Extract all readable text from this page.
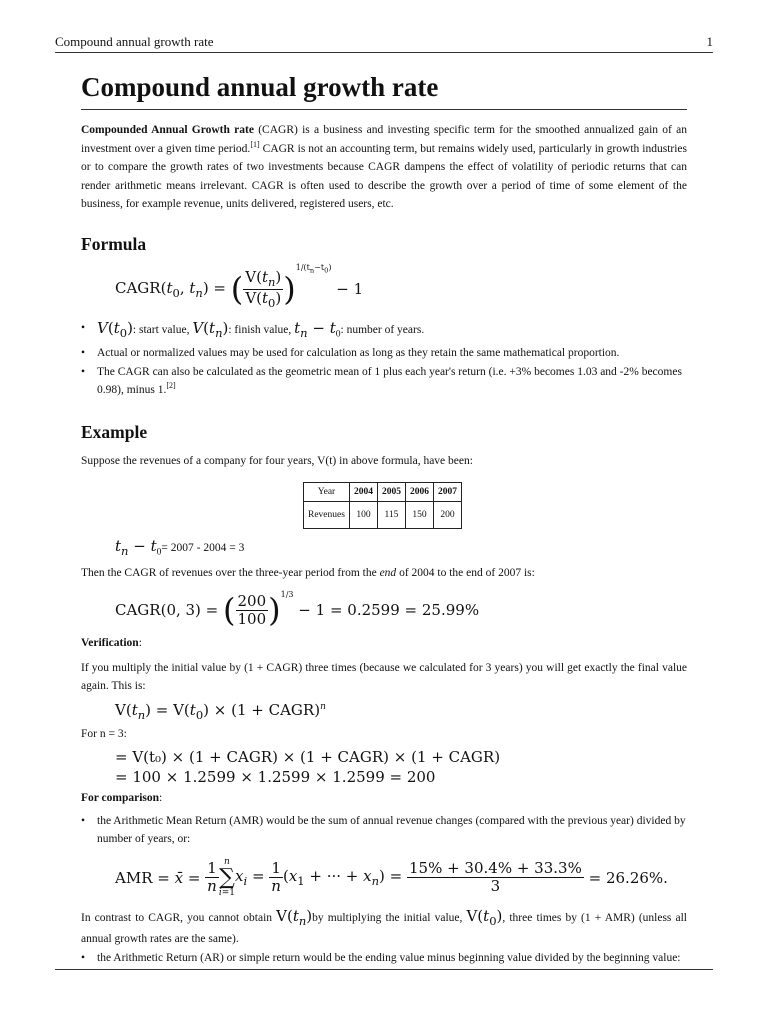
Compound annual growth rate	1
Compound annual growth rate

Compounded Annual Growth rate (CAGR) is a business and investing specific term for the smoothed annualized gain of an investment over a given time period.[1] CAGR is not an accounting term, but remains widely used, particularly in growth industries or to compare the growth rates of two investments because CAGR dampens the effect of volatility of periodic returns that can render arithmetic means irrelevant. CAGR is often used to describe the growth over a period of time of some element of the business, for example revenue, units delivered, registered users, etc.

Formula
$CAGR(t_0$, $t_n$) = ( $\frac{V(t_n)}{V(t_0)}$ )
$1/(t_n-t_0)$
− 1
• $V(t_0)$: start value, $V(t_n)$: finish value, $t_n - t_0$: number of years.
• Actual or normalized values may be used for calculation as long as they retain the same mathematical proportion.
• The CAGR can also be calculated as the geometric mean of 1 plus each year's return (i.e. +3% becomes 1.03 and -2% becomes 0.98), minus 1.[2]
Example

Suppose the revenues of a company for four years, V(t) in above formula, have been:

Year	2004	2005	2006	2007
Revenues	100	115	150	200

$t_n - t_0= 2007 - 2004 = 3$

Then the CAGR of revenues over the three-year period from the end of 2004 to the end of 2007 is:

CAGR(0, 3) = ( $\frac{200}{100}$ ) 1/3

− 1 = 0.2599 = 25.99%

Verification:

If you multiply the initial value by (1 + CAGR) three times (because we calculated for 3 years) you will get exactly the final value again. This is:

$V(t_n) = V(t_0) \times (1$ + CAGR)$^n$

For n = 3:

= V(t₀) × (1 + CAGR) × (1 + CAGR) × (1 + CAGR)

= 100 × 1.2599 × 1.2599 × 1.2599 = 200

For comparison:

• the Arithmetic Mean Return (AMR) would be the sum of annual revenue changes (compared with the previous year) divided by number of years, or:
AMR = x̄ = $\frac{1}{n}$ n
∑
i=1
$x_i = \frac{1}{n} (x_1$ + ··· + $x_n) = \frac{15\% + 30.4\% + 33.3\%}{3}$
= 26.26%.

In contrast to CAGR, you cannot obtain $V(t_n)by$ multiplying the initial value, $V(t_0)$, three times by (1 + AMR) (unless all annual growth rates are the same).

• the Arithmetic Return (AR) or simple return would be the ending value minus beginning value divided by the beginning value:
